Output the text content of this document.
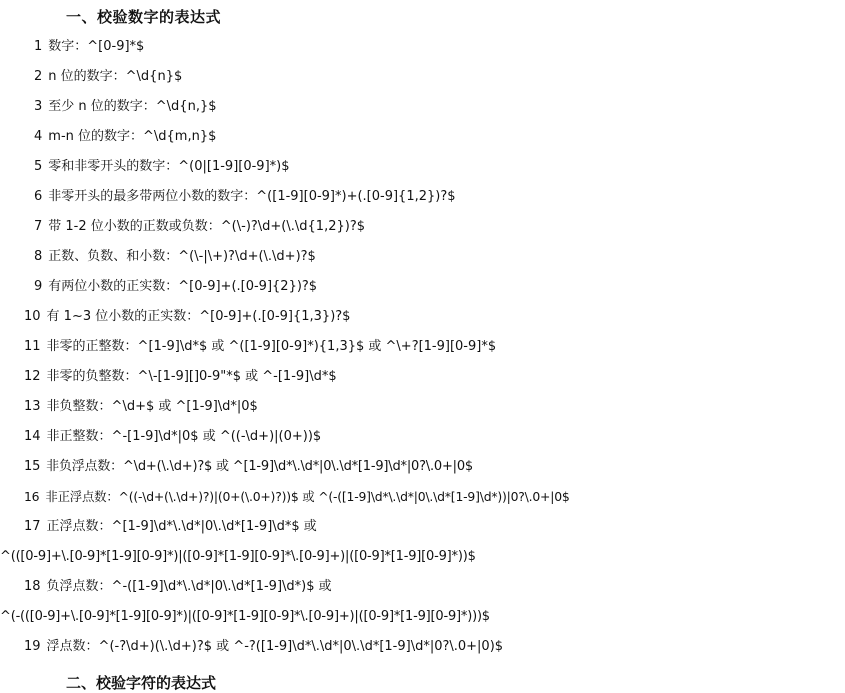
一、校验数字的表达式
1 数字：^[0-9]*$
2 n 位的数字：^\d{n}$
3 至少 n 位的数字：^\d{n,}$
4 m-n 位的数字：^\d{m,n}$
5 零和非零开头的数字：^(0|[1-9][0-9]*)$
6 非零开头的最多带两位小数的数字：^([1-9][0-9]*)+(.[0-9]{1,2})?$
7 带 1-2 位小数的正数或负数：^(\-)?\d+(\.\d{1,2})?$
8 正数、负数、和小数：^(\-|\+)?\d+(\.\d+)?$
9 有两位小数的正实数：^[0-9]+(.[0-9]{2})?$
10 有 1~3 位小数的正实数：^[0-9]+(.[0-9]{1,3})?$
11 非零的正整数：^[1-9]\d*$ 或 ^([1-9][0-9]*){1,3}$ 或 ^\+?[1-9][0-9]*$
12 非零的负整数：^\-[1-9][]0-9"*$ 或 ^-[1-9]\d*$
13 非负整数：^\d+$ 或 ^[1-9]\d*|0$
14 非正整数：^-[1-9]\d*|0$ 或 ^((-\d+)|(0+))$
15 非负浮点数：^\d+(\.\d+)?$ 或 ^[1-9]\d*\.\d*|0\.\d*[1-9]\d*|0?\.0+|0$
16 非正浮点数：^((-\d+(\.\d+)?)|(0+(\.0+)?))$ 或 ^(-([1-9]\d*\.\d*|0\.\d*[1-9]\d*))|0?\.0+|0$
17 正浮点数：^[1-9]\d*\.\d*|0\.\d*[1-9]\d*$ 或
^(([0-9]+\.[0-9]*[1-9][0-9]*)|([0-9]*[1-9][0-9]*\.[0-9]+)|([0-9]*[1-9][0-9]*))$
18 负浮点数：^-([1-9]\d*\.\d*|0\.\d*[1-9]\d*)$ 或
^(-(([0-9]+\.[0-9]*[1-9][0-9]*)|([0-9]*[1-9][0-9]*\.[0-9]+)|([0-9]*[1-9][0-9]*)))$
19 浮点数：^(-?\d+)(\.\d+)?$ 或 ^-?([1-9]\d*\.\d*|0\.\d*[1-9]\d*|0?\.0+|0)$
二、校验字符的表达式
